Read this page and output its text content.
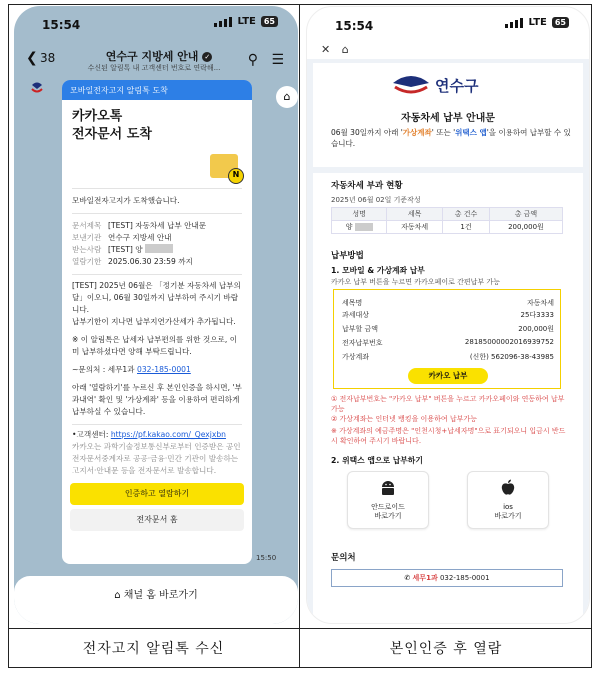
전자고지 알림톡 수신	본인인증 후 열람
15:54	LTE	65
❮ 38	연수구 지방세 안내 ✓
수신된 알림톡 내 고객센터 번호로 연락해...	⚲ ☰
모바일전자고지 알림톡 도착
카카오톡
전자문서 도착
N
모바일전자고지가 도착했습니다.
문서제목 [TEST] 자동차세 납부 안내문
보낸기관 연수구 지방세 안내
받는사람 [TEST] 양
열람기한 2025.06.30 23:59 까지
[TEST] 2025년 06월은 「정기분 자동차세 납부의 달」이오니, 06월 30일까지 납부하여 주시기 바랍니다.
납부기한이 지나면 납부지연가산세가 추가됩니다.
※ 이 알림톡은 납세자 납부편의를 위한 것으로, 이미 납부하셨다면 양해 부탁드립니다.
~문의처 : 세무1과 032-185-0001
아래 '열람하기'를 누르신 후 본인인증을 하시면, '부과내역' 확인 및 '가상계좌' 등을 이용하여 편리하게 납부하실 수 있습니다.
•고객센터: https://pf.kakao.com/_Qexjxbn
카카오는 과학기술정보통신부로부터 인증받은 공인전자문서중계자로 공공·금융·민간 기관이 발송하는 고지서·안내문 등을 전자문서로 발송합니다.
인증하고 열람하기
전자문서 홈
15:50
⌂
⌂ 채널 홈 바로가기
15:54	LTE	65
✕ ⌂
연수구
자동차세 납부 안내문
06월 30일까지 아래 '가상계좌' 또는 '위택스 앱'을 이용하여 납부할 수 있습니다.
자동차세 부과 현황
2025년 06월 02일 기준작성
성명	세목	총 건수	총 금액
양	자동차세	1건	200,000원
납부방법
1. 모바일 & 가상계좌 납부
카카오 납부 버튼을 누르면 카카오페이로 간편납부 가능
세목명	자동차세
과세대상	25다3333
납부할 금액	200,000원
전자납부번호	28185000002016939752
가상계좌	(신한) 562096-38-43985
카카오 납부
① 전자납부번호는 "카카오 납부" 버튼을 누르고 카카오페이와 연동하여 납부가능
② 가상계좌는 인터넷 뱅킹을 이용하여 납부가능
※ 가상계좌의 예금주명은 "인천시청+납세자명"으로 표기되오니 입금시 반드시 확인하여 주시기 바랍니다.
2. 위택스 앱으로 납부하기
안드로이드
바로가기
ios
바로가기
문의처
✆ 세무1과 032-185-0001
